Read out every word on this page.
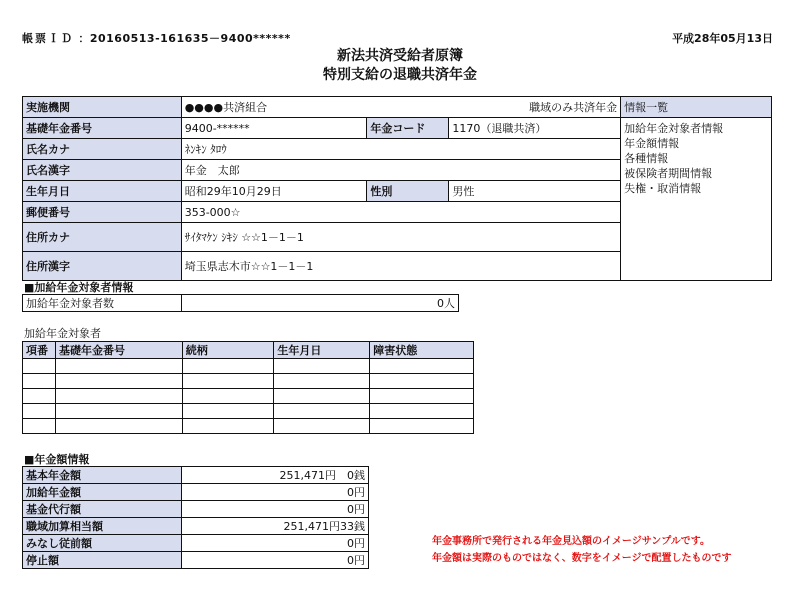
帳票ＩＤ ：20160513-161635－9400******	平成28年05月13日
新法共済受給者原簿
特別支給の退職共済年金
実施機関	●●●●共済組合 職域のみ共済年金			情報一覧
基礎年金番号	9400-******	年金コード	1170（退職共済）	加給年金対象者情報
年金額情報
各種情報
被保険者期間情報
失権・取消情報

氏名カナ	ﾈﾝｷﾝ ﾀﾛｳ			
氏名漢字	年金　太郎			
生年月日	昭和29年10月29日	性別	男性	
郵便番号	353-000☆			
住所カナ	ｻｲﾀﾏｹﾝ ｼｷｼ ☆☆1－1－1			
住所漢字	埼玉県志木市☆☆1－1－1			
■加給年金対象者情報
加給年金対象者数	0人
加給年金対象者
項番	基礎年金番号	続柄	生年月日	障害状態

■年金額情報
基本年金額	251,471円　0銭
加給年金額	0円
基金代行額	0円
職域加算相当額	251,471円33銭
みなし従前額	0円
停止額	0円
年金事務所で発行される年金見込額のイメージサンプルです。
年金額は実際のものではなく、数字をイメージで配置したものです
